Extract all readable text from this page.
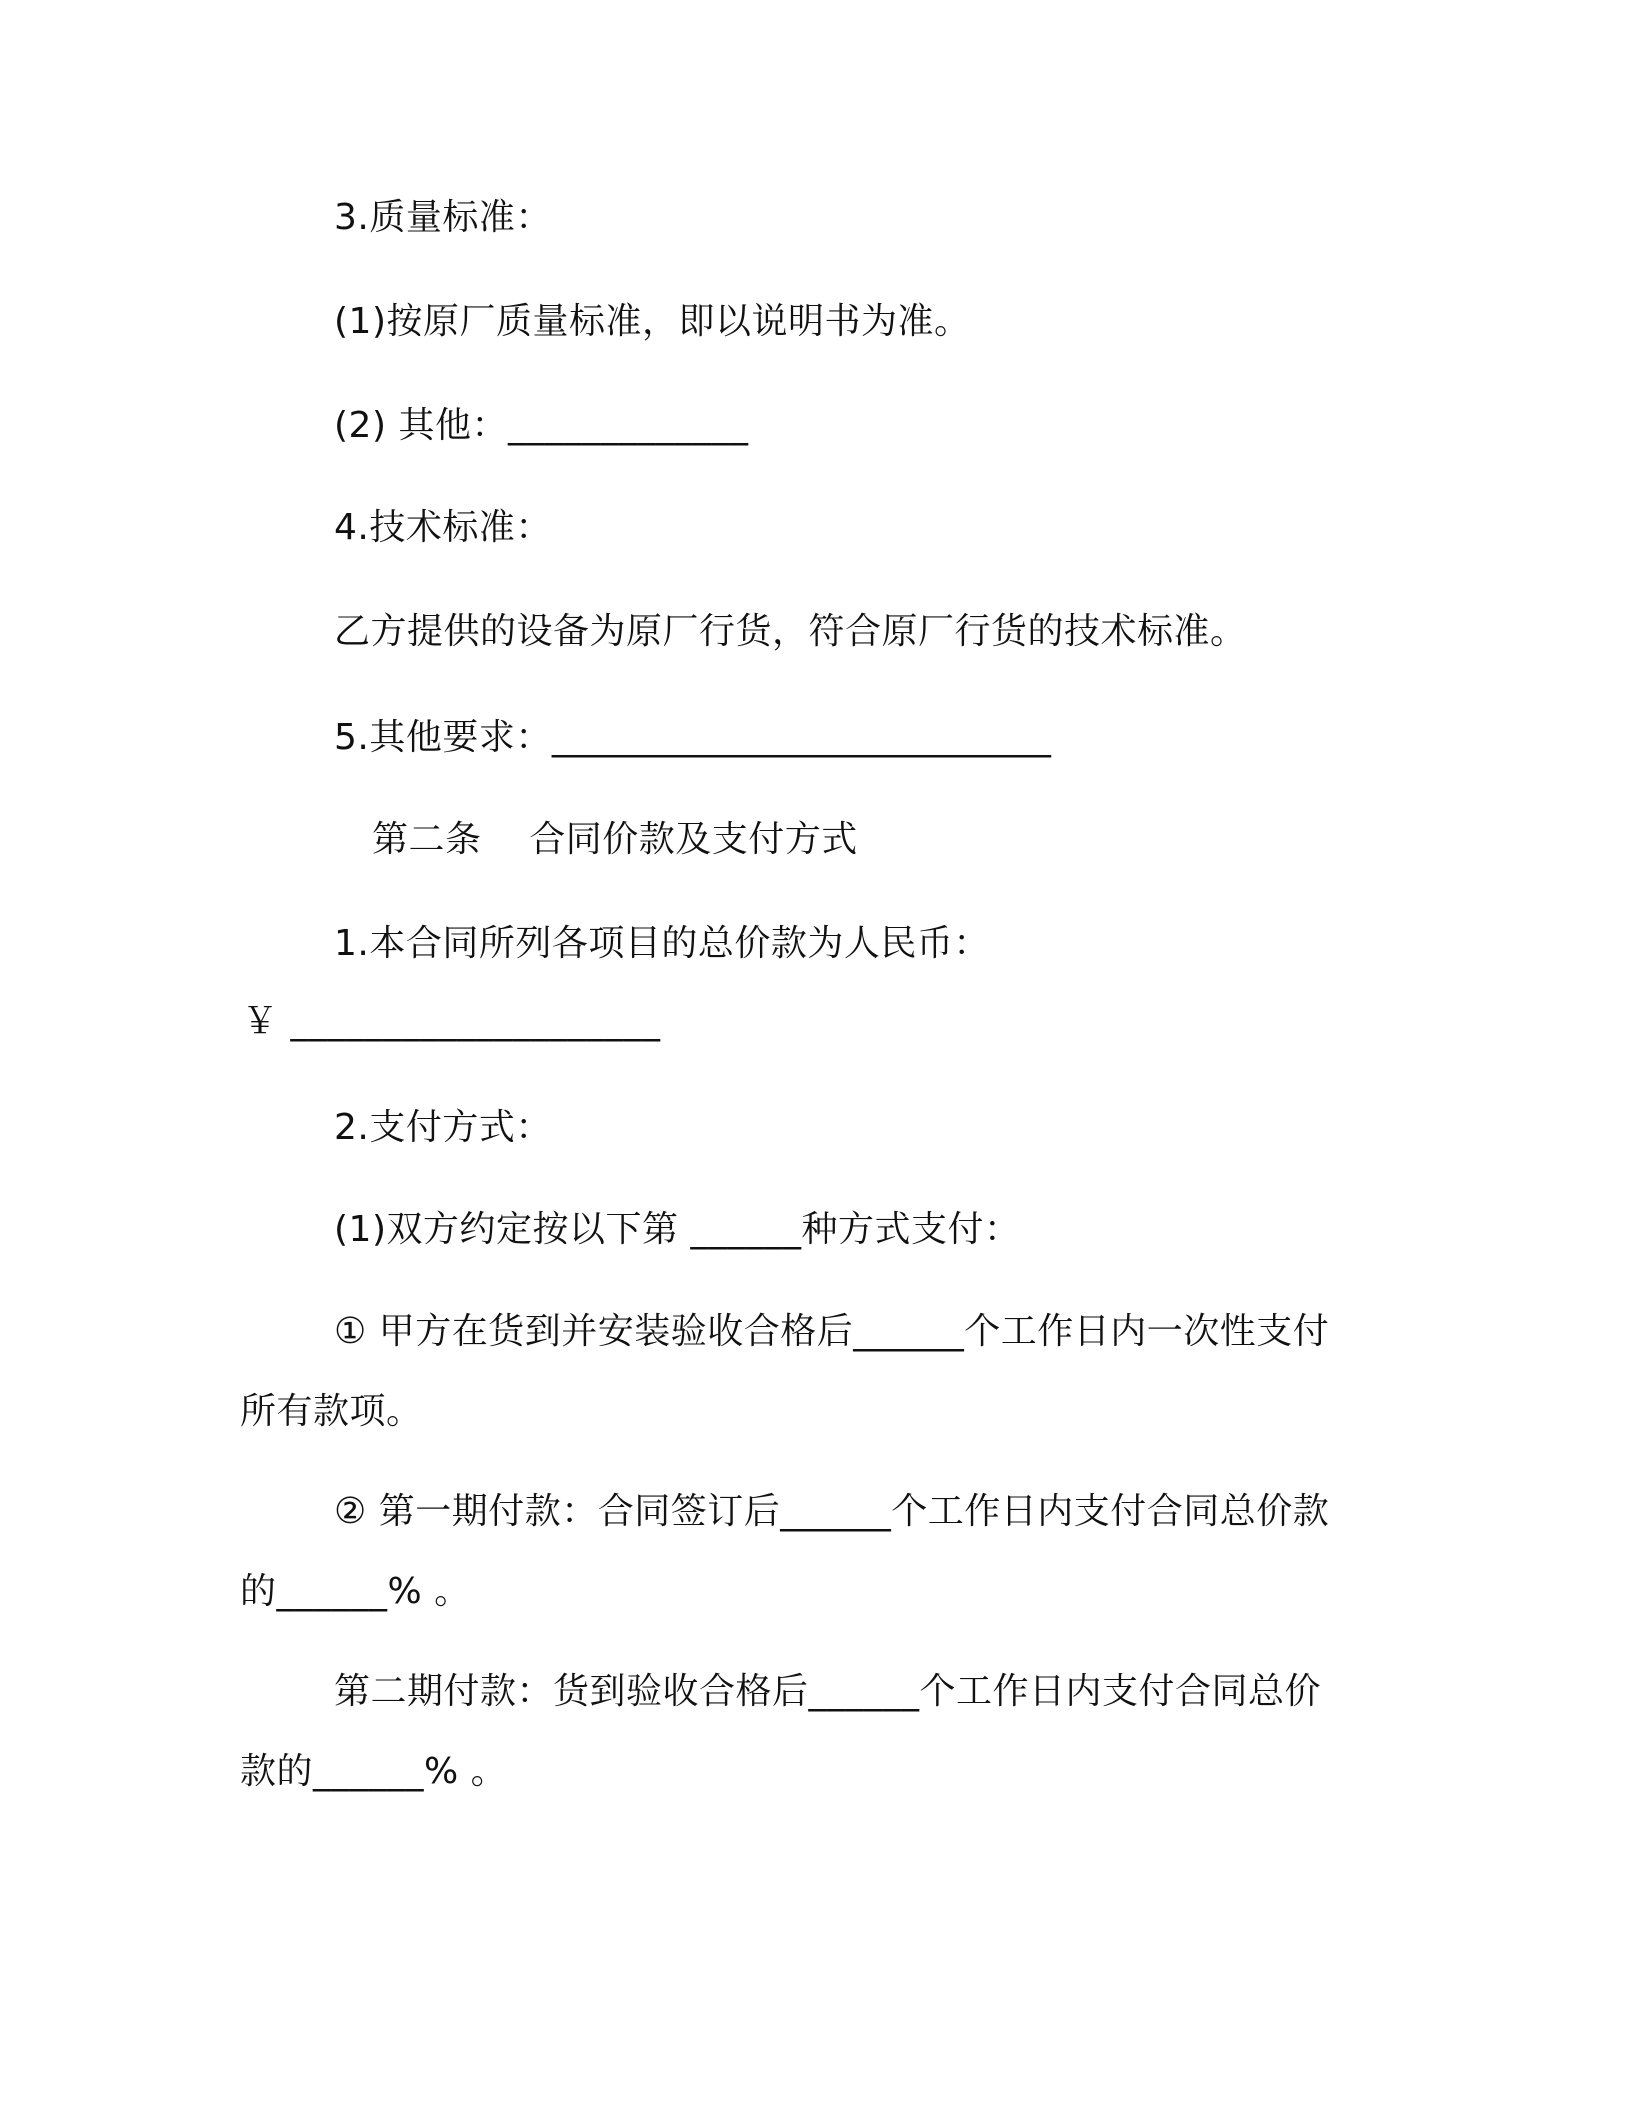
3.质量标准：
(1)按原厂质量标准，即以说明书为准。
(2) 其他：_____________
4.技术标准：
乙方提供的设备为原厂行货，符合原厂行货的技术标准。
5.其他要求：___________________________
第二条    合同价款及支付方式
1.本合同所列各项目的总价款为人民币：
￥ ____________________
2.支付方式：
(1)双方约定按以下第 ______种方式支付：
① 甲方在货到并安装验收合格后______个工作日内一次性支付
所有款项。
② 第一期付款：合同签订后______个工作日内支付合同总价款
的______% 。
第二期付款：货到验收合格后______个工作日内支付合同总价
款的______% 。
